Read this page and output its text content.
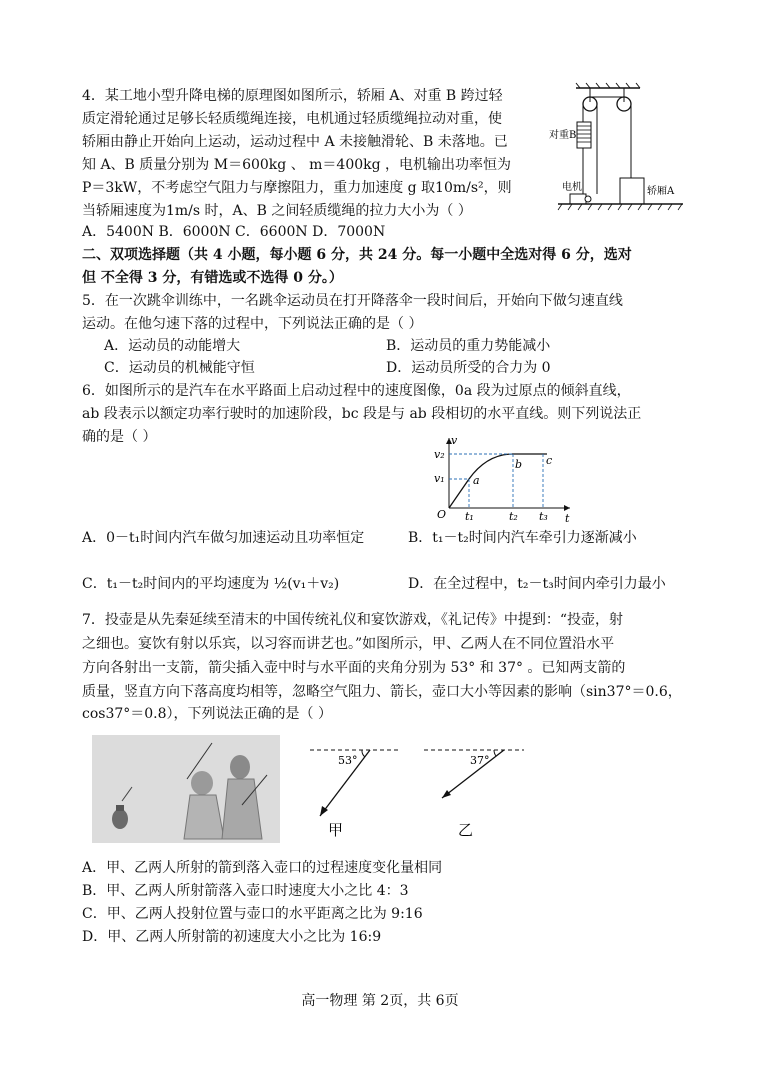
4．某工地小型升降电梯的原理图如图所示，轿厢 A、对重 B 跨过轻
质定滑轮通过足够长轻质缆绳连接，电机通过轻质缆绳拉动对重，使
轿厢由静止开始向上运动，运动过程中 A 未接触滑轮、B 未落地。已
知 A、B 质量分别为 M＝600kg 、 m＝400kg ，电机输出功率恒为
P＝3kW，不考虑空气阻力与摩擦阻力，重力加速度 g 取10m/s²，则
当轿厢速度为1m/s 时，A、B 之间轻质缆绳的拉力大小为（ ）
A．5400N B．6000N C．6600N D．7000N
对重B
电机	轿厢A
二、双项选择题（共 4 小题，每小题 6 分，共 24 分。每一小题中全选对得 6 分，选对
但 不全得 3 分，有错选或不选得 0 分。）
5．在一次跳伞训练中，一名跳伞运动员在打开降落伞一段时间后，开始向下做匀速直线
运动。在他匀速下落的过程中，下列说法正确的是（ ）
A．运动员的动能增大	B．运动员的重力势能减小
C．运动员的机械能守恒	D．运动员所受的合力为 0
6．如图所示的是汽车在水平路面上启动过程中的速度图像，0a 段为过原点的倾斜直线，
ab 段表示以额定功率行驶时的加速阶段，bc 段是与 ab 段相切的水平直线。则下列说法正
确的是（ ）	v
t
O
v₁
v₂
t₁	t₂ t₃
a
b c
A．0－t₁时间内汽车做匀加速运动且功率恒定	B．t₁－t₂时间内汽车牵引力逐渐减小
C．t₁－t₂时间内的平均速度为 ½(v₁＋v₂)	D．在全过程中，t₂－t₃时间内牵引力最小
7．投壶是从先秦延续至清末的中国传统礼仪和宴饮游戏，《礼记传》中提到：“投壶，射
之细也。宴饮有射以乐宾，以习容而讲艺也。”如图所示，甲、乙两人在不同位置沿水平
方向各射出一支箭，箭尖插入壶中时与水平面的夹角分别为 53° 和 37° 。已知两支箭的
质量，竖直方向下落高度均相等，忽略空气阻力、箭长，壶口大小等因素的影响（sin37°＝0.6，
cos37°＝0.8），下列说法正确的是（ ）
53°
甲
37°
乙
A．甲、乙两人所射的箭到落入壶口的过程速度变化量相同
B．甲、乙两人所射箭落入壶口时速度大小之比 4：3
C．甲、乙两人投射位置与壶口的水平距离之比为 9:16
D．甲、乙两人所射箭的初速度大小之比为 16:9
高一物理 第 2页，共 6页
